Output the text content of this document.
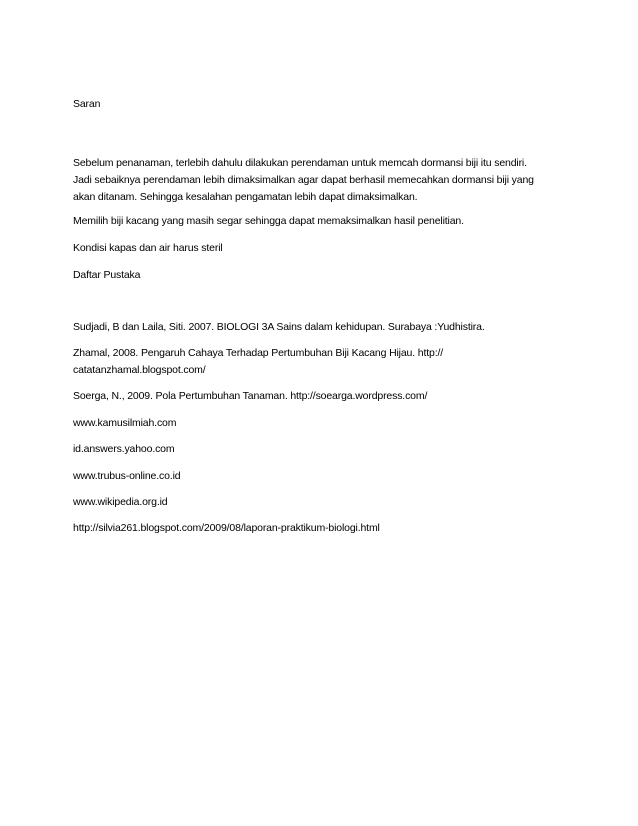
Saran

Sebelum penanaman, terlebih dahulu dilakukan perendaman untuk memcah dormansi biji itu sendiri.
Jadi sebaiknya perendaman lebih dimaksimalkan agar dapat berhasil memecahkan dormansi biji yang
akan ditanam. Sehingga kesalahan pengamatan lebih dapat dimaksimalkan.

Memilih biji kacang yang masih segar sehingga dapat memaksimalkan hasil penelitian.

Kondisi kapas dan air harus steril

Daftar Pustaka

Sudjadi, B dan Laila, Siti. 2007. BIOLOGI 3A Sains dalam kehidupan. Surabaya :Yudhistira.

Zhamal, 2008. Pengaruh Cahaya Terhadap Pertumbuhan Biji Kacang Hijau. http://
catatanzhamal.blogspot.com/

Soerga, N., 2009. Pola Pertumbuhan Tanaman. http://soearga.wordpress.com/

www.kamusilmiah.com

id.answers.yahoo.com

www.trubus-online.co.id

www.wikipedia.org.id

http://silvia261.blogspot.com/2009/08/laporan-praktikum-biologi.html
